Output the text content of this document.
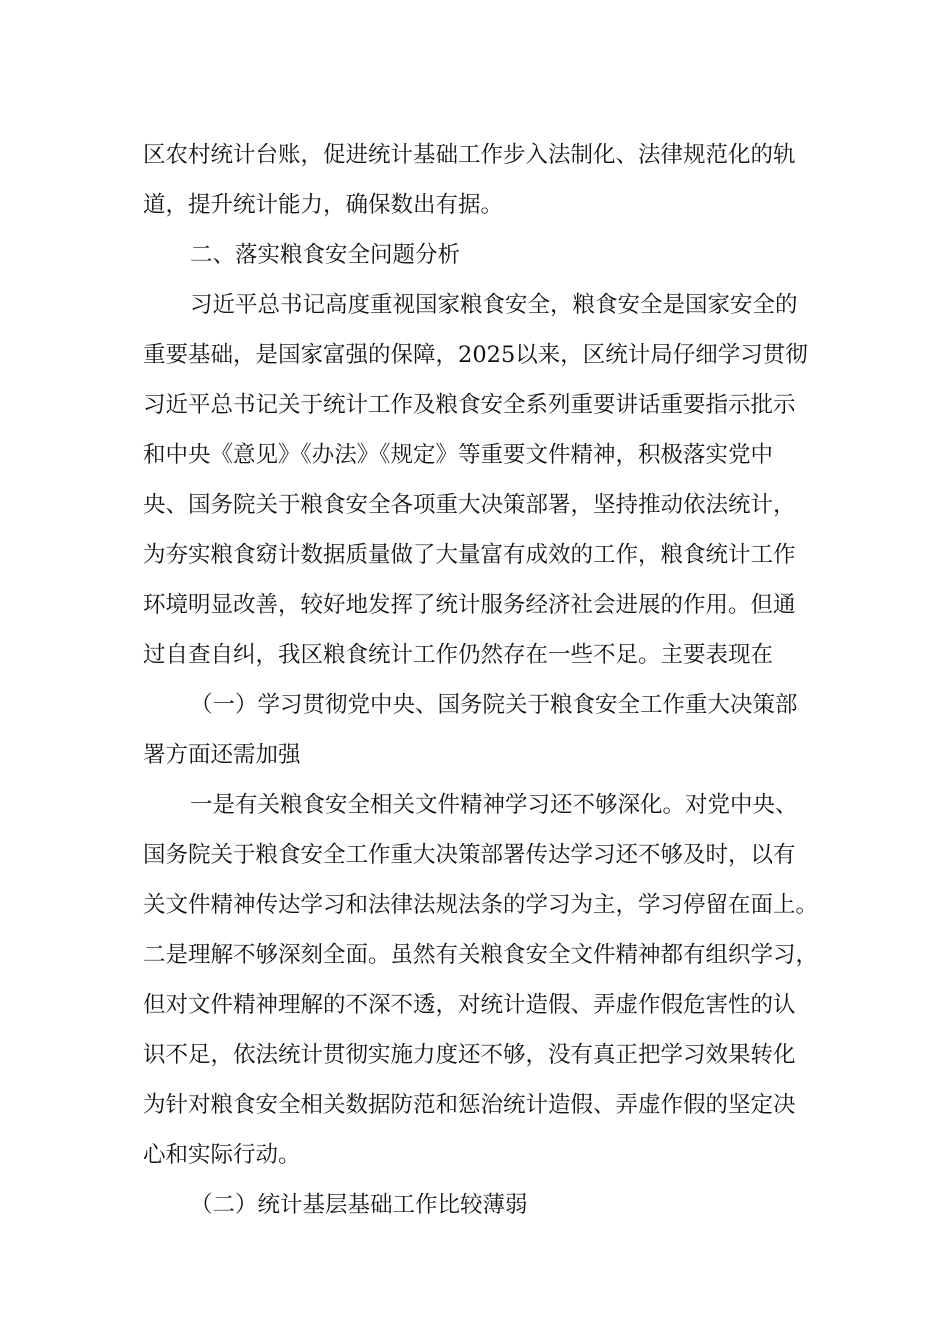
区农村统计台账，促进统计基础工作步入法制化、法律规范化的轨
道，提升统计能力，确保数出有据。
二、落实粮食安全问题分析
习近平总书记高度重视国家粮食安全，粮食安全是国家安全的
重要基础，是国家富强的保障，2025以来，区统计局仔细学习贯彻
习近平总书记关于统计工作及粮食安全系列重要讲话重要指示批示
和中央《意见》《办法》《规定》等重要文件精神，积极落实党中
央、国务院关于粮食安全各项重大决策部署，坚持推动依法统计，
为夯实粮食窈计数据质量做了大量富有成效的工作，粮食统计工作
环境明显改善，较好地发挥了统计服务经济社会进展的作用。但通
过自查自纠，我区粮食统计工作仍然存在一些不足。主要表现在
（一）学习贯彻党中央、国务院关于粮食安全工作重大决策部
署方面还需加强
一是有关粮食安全相关文件精神学习还不够深化。对党中央、
国务院关于粮食安全工作重大决策部署传达学习还不够及时，以有
关文件精神传达学习和法律法规法条的学习为主，学习停留在面上。
二是理解不够深刻全面。虽然有关粮食安全文件精神都有组织学习，
但对文件精神理解的不深不透，对统计造假、弄虚作假危害性的认
识不足，依法统计贯彻实施力度还不够，没有真正把学习效果转化
为针对粮食安全相关数据防范和惩治统计造假、弄虚作假的坚定决
心和实际行动。
（二）统计基层基础工作比较薄弱
